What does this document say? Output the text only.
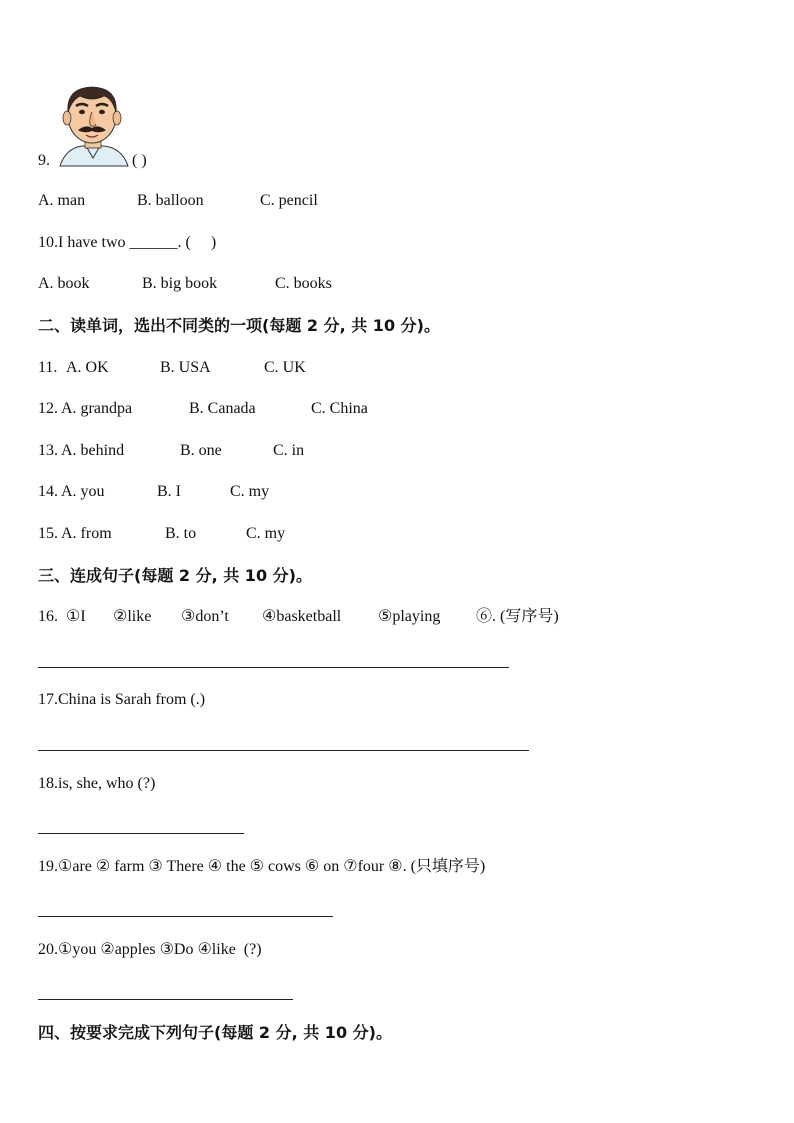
9.	( )
A. man	B. balloon	C. pencil
10.I have two ______. (     )
A. book	B. big book	C. books
二、读单词，选出不同类的一项(每题 2 分, 共 10 分)。
11. A. OK	B. USA	C. UK
12. A. grandpa	B. Canada	C. China
13. A. behind	B. one	C. in
14. A. you	B. I	C. my
15. A. from	B. to	C. my
三、连成句子(每题 2 分, 共 10 分)。
16. ①I ②like ③don’t ④basketball ⑤playing ⑥. (写序号)
17.China is Sarah from (.)
18.is, she, who (?)
19.①are ② farm ③ There ④ the ⑤ cows ⑥ on ⑦four ⑧. (只填序号)
20.①you ②apples ③Do ④like  (?)
四、按要求完成下列句子(每题 2 分, 共 10 分)。
